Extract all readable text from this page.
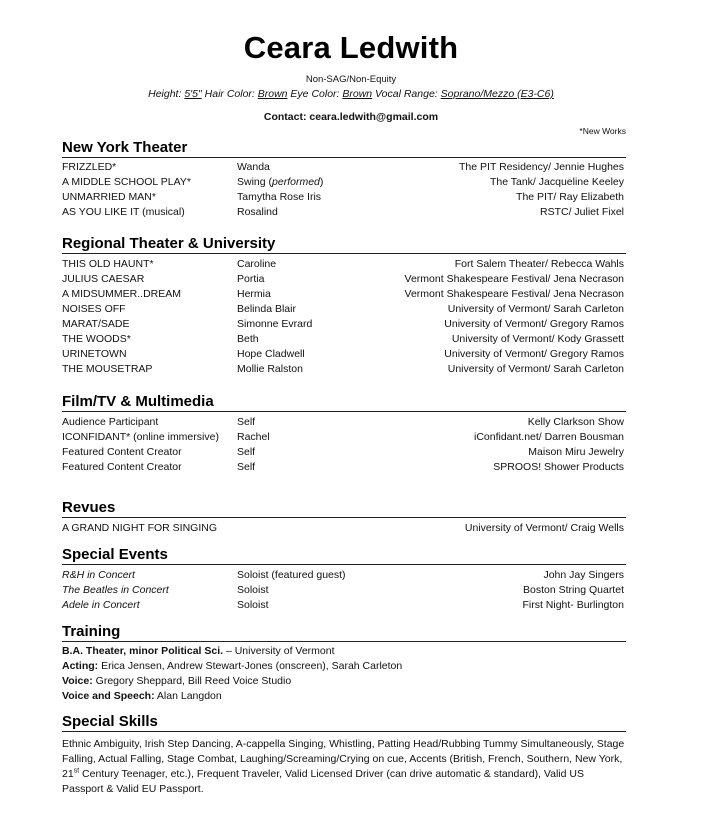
Ceara Ledwith
Non-SAG/Non-Equity
Height: 5'5" Hair Color: Brown Eye Color: Brown Vocal Range: Soprano/Mezzo (E3-C6)
Contact: ceara.ledwith@gmail.com
*New Works
New York Theater
FRIZZLED*	Wanda	The PIT Residency/ Jennie Hughes
A MIDDLE SCHOOL PLAY*	Swing (performed)	The Tank/ Jacqueline Keeley
UNMARRIED MAN*	Tamytha Rose Iris	The PIT/ Ray Elizabeth
AS YOU LIKE IT (musical)	Rosalind	RSTC/ Juliet Fixel
Regional Theater & University
THIS OLD HAUNT*	Caroline	Fort Salem Theater/ Rebecca Wahls
JULIUS CAESAR	Portia	Vermont Shakespeare Festival/ Jena Necrason
A MIDSUMMER..DREAM	Hermia	Vermont Shakespeare Festival/ Jena Necrason
NOISES OFF	Belinda Blair	University of Vermont/ Sarah Carleton
MARAT/SADE	Simonne Evrard	University of Vermont/ Gregory Ramos
THE WOODS*	Beth	University of Vermont/ Kody Grassett
URINETOWN	Hope Cladwell	University of Vermont/ Gregory Ramos
THE MOUSETRAP	Mollie Ralston	University of Vermont/ Sarah Carleton
Film/TV & Multimedia
Audience Participant	Self	Kelly Clarkson Show
ICONFIDANT* (online immersive) Rachel	iConfidant.net/ Darren Bousman
Featured Content Creator	Self	Maison Miru Jewelry
Featured Content Creator	Self	SPROOS! Shower Products
Revues
A GRAND NIGHT FOR SINGING	University of Vermont/ Craig Wells
Special Events
R&H in Concert	Soloist (featured guest)	John Jay Singers
The Beatles in Concert	Soloist	Boston String Quartet
Adele in Concert	Soloist	First Night- Burlington
Training
B.A. Theater, minor Political Sci. – University of Vermont
Acting: Erica Jensen, Andrew Stewart-Jones (onscreen), Sarah Carleton
Voice: Gregory Sheppard, Bill Reed Voice Studio
Voice and Speech: Alan Langdon
Special Skills
Ethnic Ambiguity, Irish Step Dancing, A-cappella Singing, Whistling, Patting Head/Rubbing Tummy Simultaneously, Stage Falling, Actual Falling, Stage Combat, Laughing/Screaming/Crying on cue, Accents (British, French, Southern, New York, 21st Century Teenager, etc.), Frequent Traveler, Valid Licensed Driver (can drive automatic & standard), Valid US Passport & Valid EU Passport.
